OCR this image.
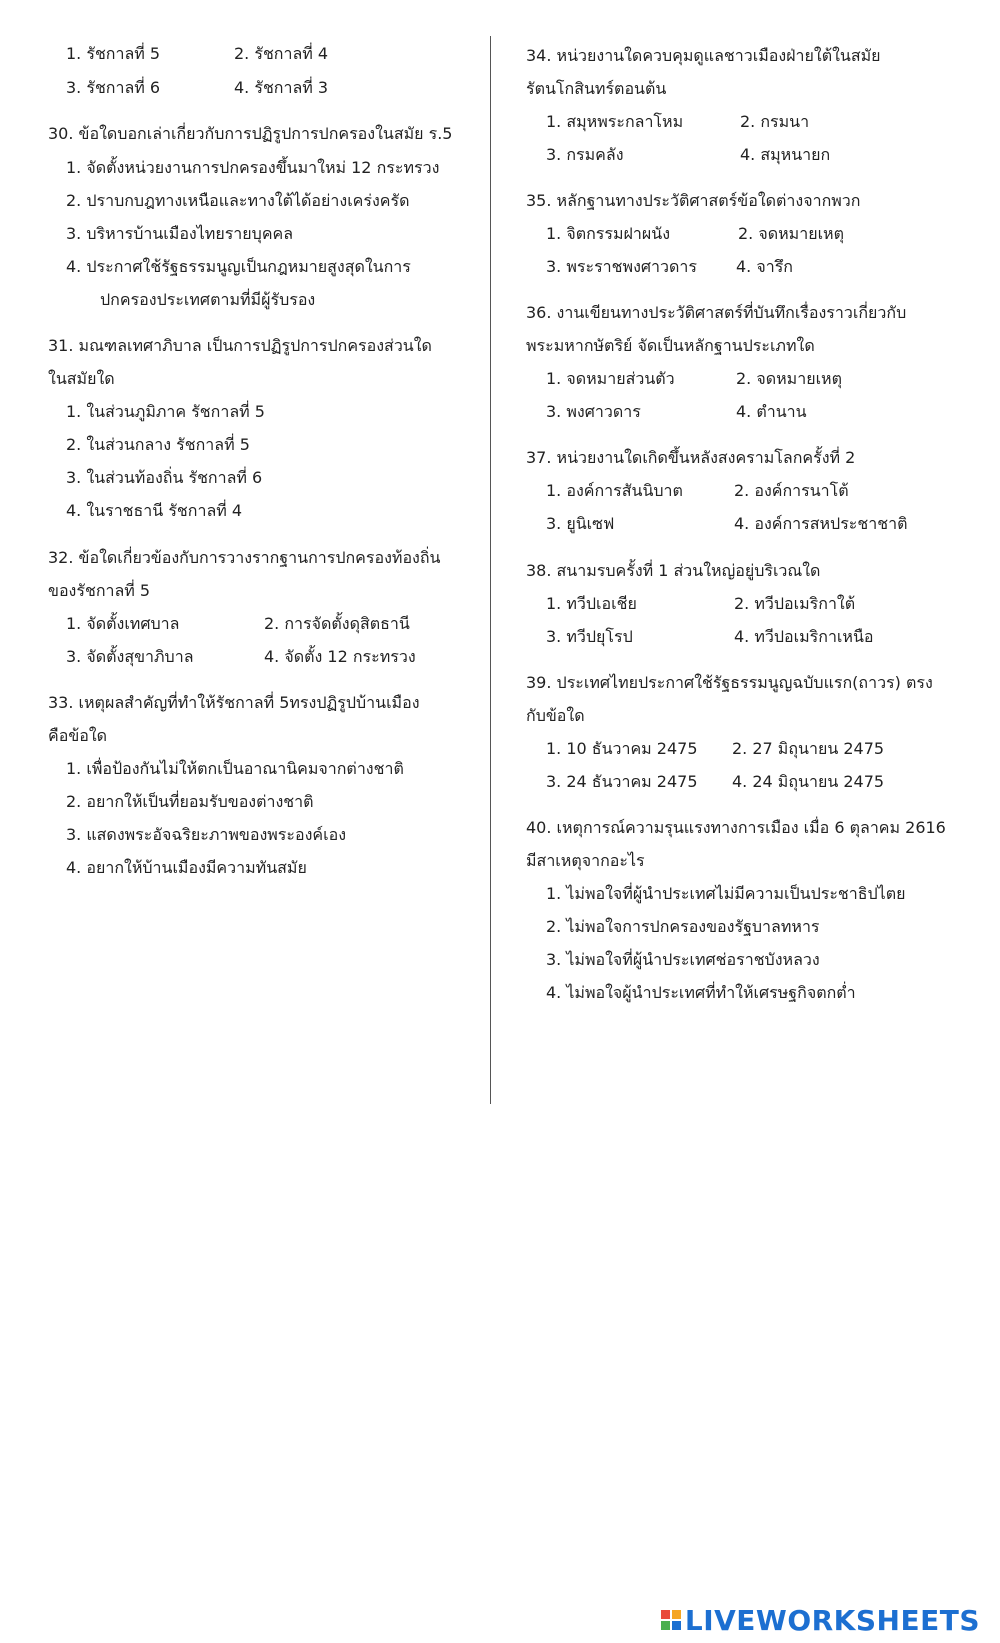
1. รัชกาลที่ 5	2. รัชกาลที่ 4
3. รัชกาลที่ 6	4. รัชกาลที่ 3
30. ข้อใดบอกเล่าเกี่ยวกับการปฏิรูปการปกครองในสมัย ร.5
1. จัดตั้งหน่วยงานการปกครองขึ้นมาใหม่ 12 กระทรวง
2. ปราบกบฎทางเหนือและทางใต้ได้อย่างเคร่งครัด
3. บริหารบ้านเมืองไทยรายบุคคล
4. ประกาศใช้รัฐธรรมนูญเป็นกฎหมายสูงสุดในการ
ปกครองประเทศตามที่มีผู้รับรอง
31. มณฑลเทศาภิบาล เป็นการปฏิรูปการปกครองส่วนใด
ในสมัยใด
1. ในส่วนภูมิภาค รัชกาลที่ 5
2. ในส่วนกลาง รัชกาลที่ 5
3. ในส่วนท้องถิ่น รัชกาลที่ 6
4. ในราชธานี รัชกาลที่ 4
32. ข้อใดเกี่ยวข้องกับการวางรากฐานการปกครองท้องถิ่น
ของรัชกาลที่ 5
1. จัดตั้งเทศบาล	2. การจัดตั้งดุสิตธานี
3. จัดตั้งสุขาภิบาล	4. จัดตั้ง 12 กระทรวง
33. เหตุผลสำคัญที่ทำให้รัชกาลที่ 5ทรงปฏิรูปบ้านเมือง
คือข้อใด
1. เพื่อป้องกันไม่ให้ตกเป็นอาณานิคมจากต่างชาติ
2. อยากให้เป็นที่ยอมรับของต่างชาติ
3. แสดงพระอัจฉริยะภาพของพระองค์เอง
4. อยากให้บ้านเมืองมีความทันสมัย
34. หน่วยงานใดควบคุมดูแลชาวเมืองฝ่ายใต้ในสมัย
รัตนโกสินทร์ตอนต้น
1. สมุหพระกลาโหม	2. กรมนา
3. กรมคลัง	4. สมุหนายก
35. หลักฐานทางประวัติศาสตร์ข้อใดต่างจากพวก
1. จิตกรรมฝาผนัง	2. จดหมายเหตุ
3. พระราชพงศาวดาร 4. จารึก
36. งานเขียนทางประวัติศาสตร์ที่บันทึกเรื่องราวเกี่ยวกับ
พระมหากษัตริย์ จัดเป็นหลักฐานประเภทใด
1. จดหมายส่วนตัว	2. จดหมายเหตุ
3. พงศาวดาร	4. ตำนาน
37. หน่วยงานใดเกิดขึ้นหลังสงครามโลกครั้งที่ 2
1. องค์การสันนิบาต	2. องค์การนาโต้
3. ยูนิเซฟ	4. องค์การสหประชาชาติ
38. สนามรบครั้งที่ 1 ส่วนใหญ่อยู่บริเวณใด
1. ทวีปเอเชีย	2. ทวีปอเมริกาใต้
3. ทวีปยุโรป	4. ทวีปอเมริกาเหนือ
39. ประเทศไทยประกาศใช้รัฐธรรมนูญฉบับแรก(ถาวร) ตรง
กับข้อใด
1. 10 ธันวาคม 2475 2. 27 มิถุนายน 2475
3. 24 ธันวาคม 2475 4. 24 มิถุนายน 2475
40. เหตุการณ์ความรุนแรงทางการเมือง เมื่อ 6 ตุลาคม 2616
มีสาเหตุจากอะไร
1. ไม่พอใจที่ผู้นำประเทศไม่มีความเป็นประชาธิปไตย
2. ไม่พอใจการปกครองของรัฐบาลทหาร
3. ไม่พอใจที่ผู้นำประเทศช่อราชบังหลวง
4. ไม่พอใจผู้นำประเทศที่ทำให้เศรษฐกิจตกต่ำ
LIVEWORKSHEETS
